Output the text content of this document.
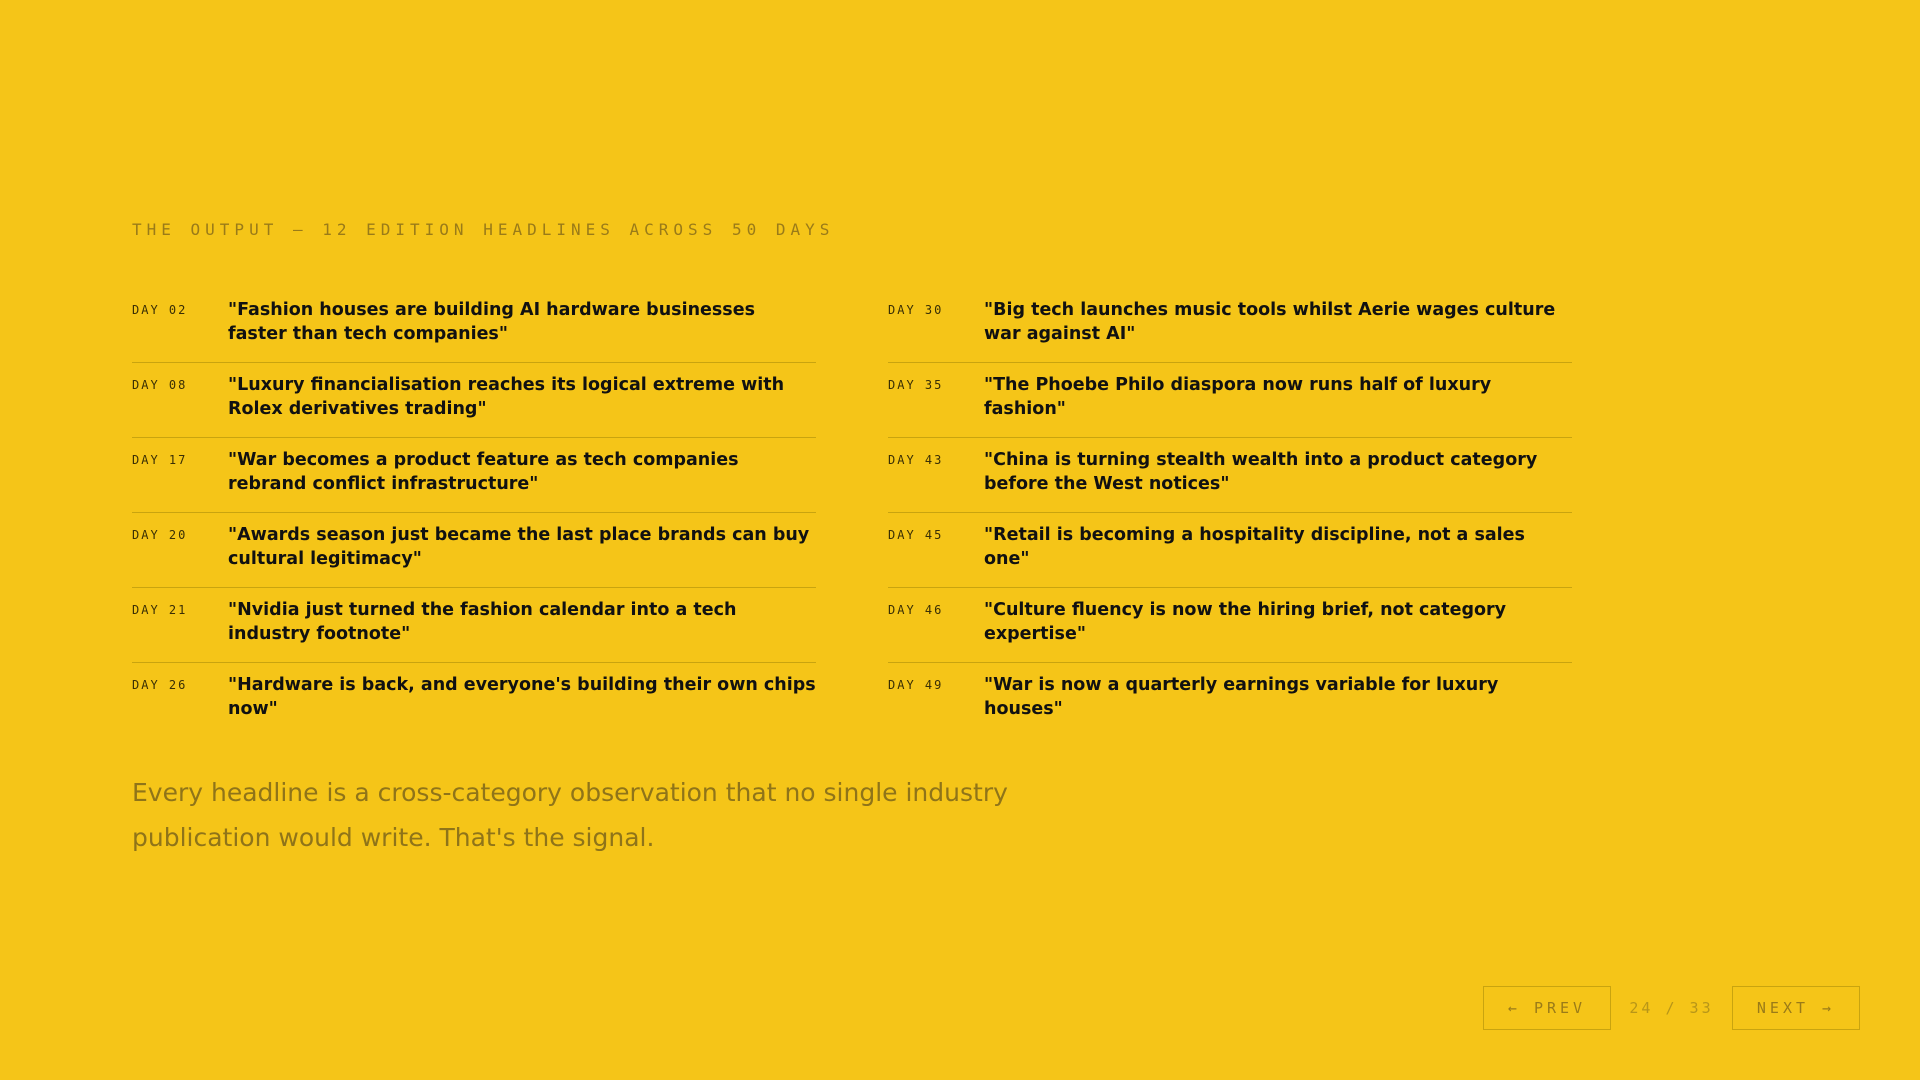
THE OUTPUT — 12 EDITION HEADLINES ACROSS 50 DAYS
DAY 02	"Fashion houses are building AI hardware businesses faster than tech companies"
DAY 08	"Luxury financialisation reaches its logical extreme with Rolex derivatives trading"
DAY 17	"War becomes a product feature as tech companies rebrand conflict infrastructure"
DAY 20	"Awards season just became the last place brands can buy cultural legitimacy"
DAY 21	"Nvidia just turned the fashion calendar into a tech industry footnote"
DAY 26	"Hardware is back, and everyone's building their own chips now"
DAY 30	"Big tech launches music tools whilst Aerie wages culture war against AI"
DAY 35	"The Phoebe Philo diaspora now runs half of luxury fashion"
DAY 43	"China is turning stealth wealth into a product category before the West notices"
DAY 45	"Retail is becoming a hospitality discipline, not a sales one"
DAY 46	"Culture fluency is now the hiring brief, not category expertise"
DAY 49	"War is now a quarterly earnings variable for luxury houses"
Every headline is a cross-category observation that no single industry publication would write. That's the signal.
← PREV	24 / 33	NEXT →
